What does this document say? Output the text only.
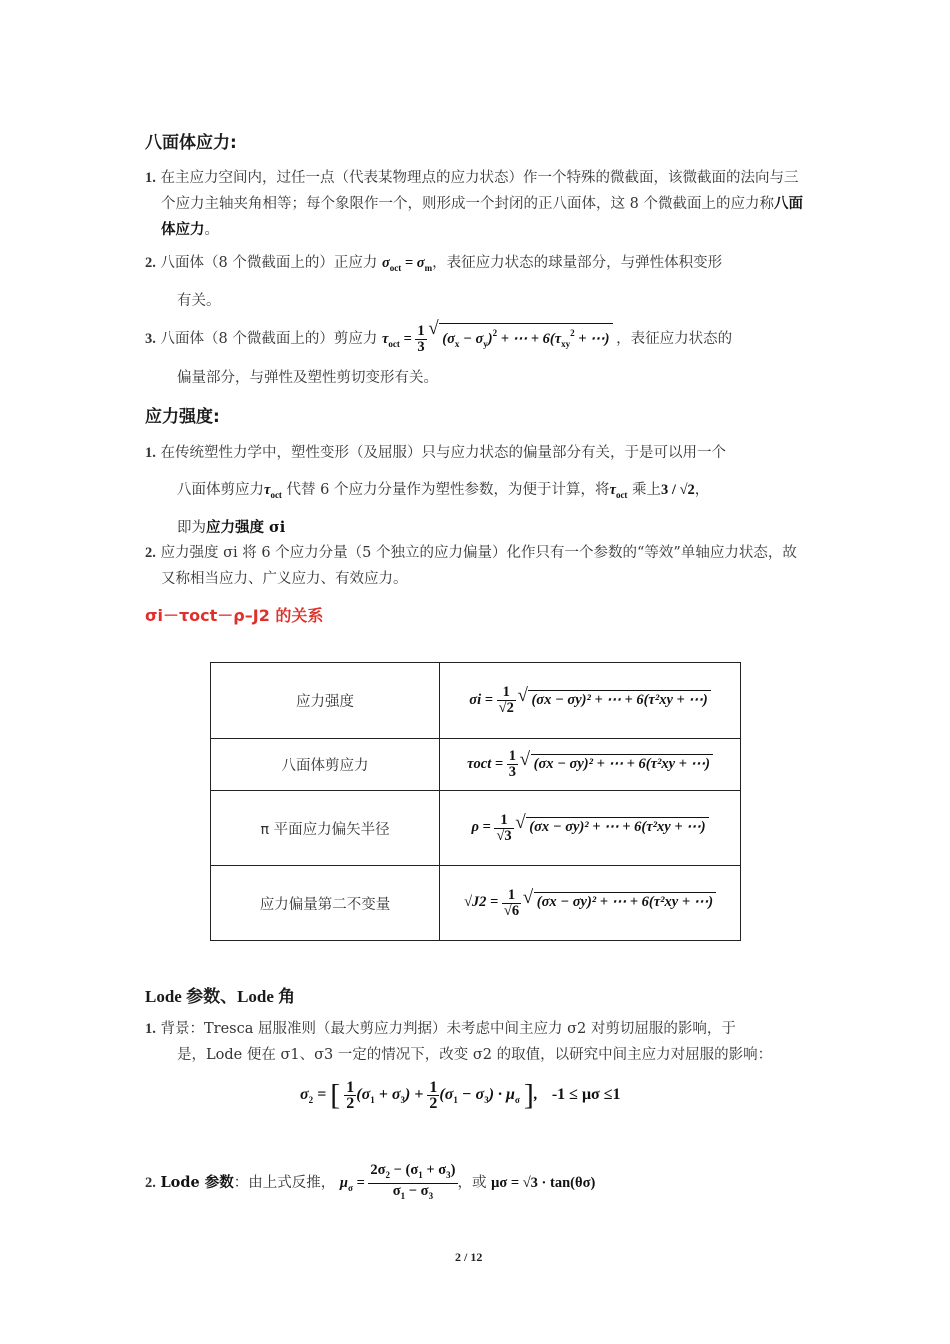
八面体应力:
1. 在主应力空间内，过任一点（代表某物理点的应力状态）作一个特殊的微截面，该微截面的法向与三个应力主轴夹角相等；每个象限作一个，则形成一个封闭的正八面体，这 8 个微截面上的应力称八面体应力。
2. 八面体（8 个微截面上的）正应力 $\sigma_{oct} = \sigma_m$，表征应力状态的球量部分，与弹性体积变形
有关。
3. 八面体（8 个微截面上的）剪应力 $\tau_{oct} = \frac{1}{3}$ √ $(\sigma_x - \sigma_y)^2$ + ⋯ + $6(\tau_{xy}^2$ + ⋯) ，表征应力状态的
偏量部分，与弹性及塑性剪切变形有关。
应力强度:
1. 在传统塑性力学中，塑性变形（及屈服）只与应力状态的偏量部分有关，于是可以用一个
八面体剪应力$\tau_{oct}$ 代替 6 个应力分量作为塑性参数，为便于计算，将$\tau_{oct}$ 乘上3 / √2，
即为应力强度 σi
2. 应力强度 σi 将 6 个应力分量（5 个独立的应力偏量）化作只有一个参数的“等效”单轴应力状态，故又称相当应力、广义应力、有效应力。
σi－τoct－ρ–J2 的关系
应力强度	$\sigma i = \frac{1}{√2}$ √ (σx − σy)² + ⋯ + 6(τ²xy + ⋯)
八面体剪应力	$\tau oct = \frac{1}{3}$ √ (σx − σy)² + ⋯ + 6(τ²xy + ⋯)
π 平面应力偏矢半径	$\rho = \frac{1}{√3}$ √ (σx − σy)² + ⋯ + 6(τ²xy + ⋯)
应力偏量第二不变量	$√J2 = \frac{1}{√6}$ √ (σx − σy)² + ⋯ + 6(τ²xy + ⋯)
Lode 参数、Lode 角
1. 背景：Tresca 屈服准则（最大剪应力判据）未考虑中间主应力 σ2 对剪切屈服的影响，于
是，Lode 便在 σ1、σ3 一定的情况下，改变 σ2 的取值，以研究中间主应力对屈服的影响：
$\sigma_2$ = [ $\frac{1}{2} (\sigma_1 + \sigma_3) + \frac{1}{2} (\sigma_1 - \sigma_3) \cdot \mu_\sigma$ ], -1 ≤ μσ ≤1
2. Lode 参数：由上式反推， $\mu_\sigma = \frac{2\sigma_2 - (\sigma_1 + \sigma_3)}{\sigma_1 - \sigma_3}$ ，或 μσ = √3 · tan(θσ)
2 / 12
